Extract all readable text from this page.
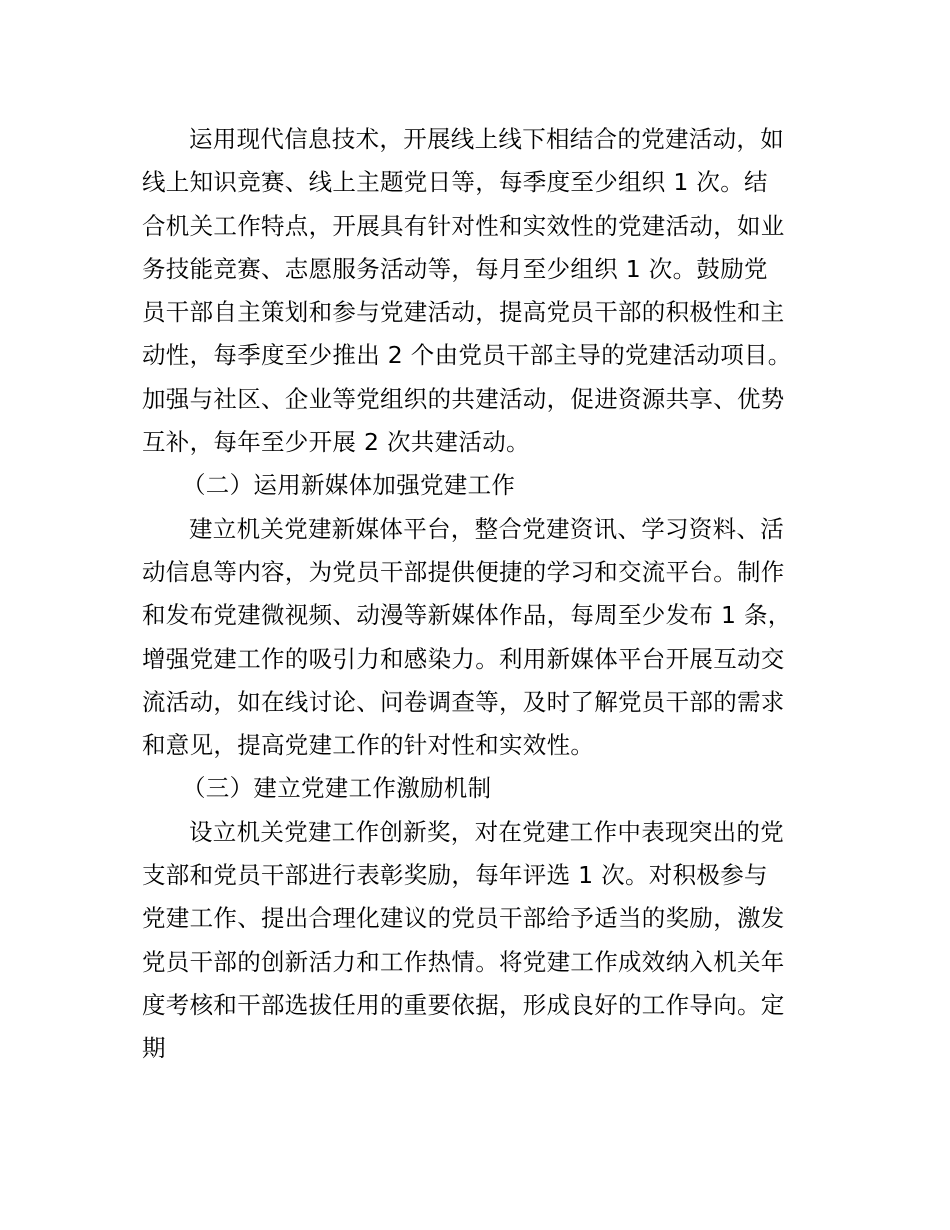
运用现代信息技术，开展线上线下相结合的党建活动，如
线上知识竞赛、线上主题党日等，每季度至少组织 1 次。结
合机关工作特点，开展具有针对性和实效性的党建活动，如业
务技能竞赛、志愿服务活动等，每月至少组织 1 次。鼓励党
员干部自主策划和参与党建活动，提高党员干部的积极性和主
动性，每季度至少推出 2 个由党员干部主导的党建活动项目。
加强与社区、企业等党组织的共建活动，促进资源共享、优势
互补，每年至少开展 2 次共建活动。
（二）运用新媒体加强党建工作
建立机关党建新媒体平台，整合党建资讯、学习资料、活
动信息等内容，为党员干部提供便捷的学习和交流平台。制作
和发布党建微视频、动漫等新媒体作品，每周至少发布 1 条，
增强党建工作的吸引力和感染力。利用新媒体平台开展互动交
流活动，如在线讨论、问卷调查等，及时了解党员干部的需求
和意见，提高党建工作的针对性和实效性。
（三）建立党建工作激励机制
设立机关党建工作创新奖，对在党建工作中表现突出的党
支部和党员干部进行表彰奖励，每年评选 1 次。对积极参与
党建工作、提出合理化建议的党员干部给予适当的奖励，激发
党员干部的创新活力和工作热情。将党建工作成效纳入机关年
度考核和干部选拔任用的重要依据，形成良好的工作导向。定
期
